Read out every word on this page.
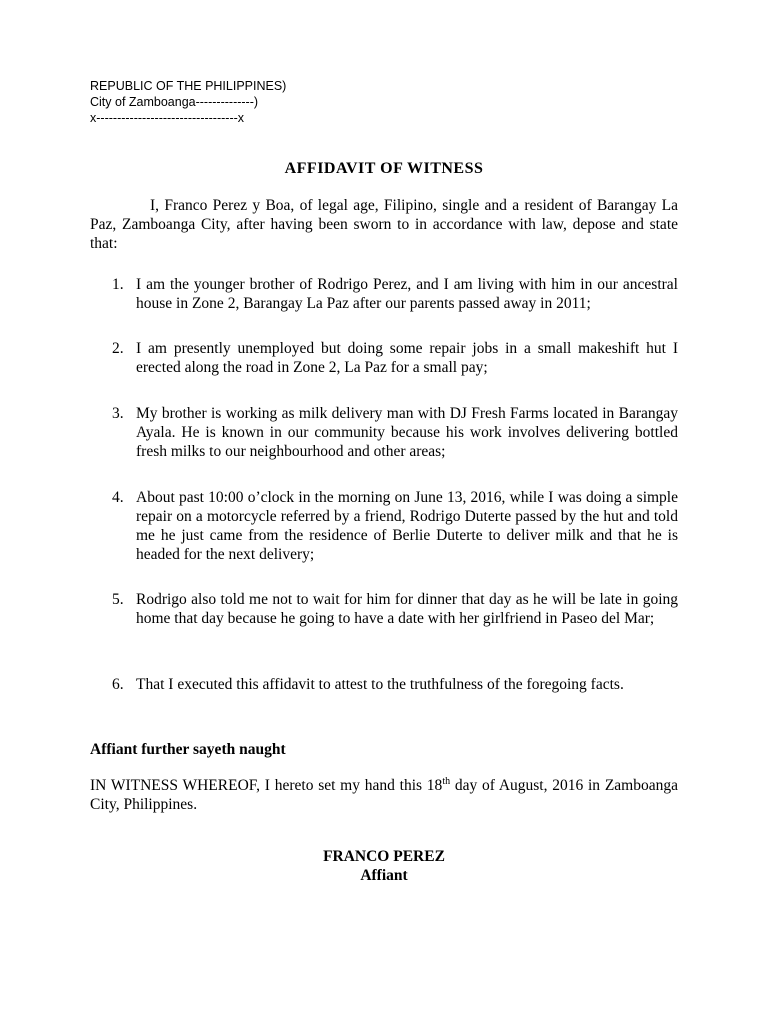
REPUBLIC OF THE PHILIPPINES)
City of Zamboanga--------------)
x----------------------------------x
AFFIDAVIT OF WITNESS
I, Franco Perez y Boa, of legal age, Filipino, single and a resident of Barangay La Paz, Zamboanga City, after having been sworn to in accordance with law, depose and state that:
1. I am the younger brother of Rodrigo Perez, and I am living with him in our ancestral house in Zone 2, Barangay La Paz after our parents passed away in 2011;
2. I am presently unemployed but doing some repair jobs in a small makeshift hut I erected along the road in Zone 2, La Paz for a small pay;
3. My brother is working as milk delivery man with DJ Fresh Farms located in Barangay Ayala. He is known in our community because his work involves delivering bottled fresh milks to our neighbourhood and other areas;
4. About past 10:00 o’clock in the morning on June 13, 2016, while I was doing a simple repair on a motorcycle referred by a friend, Rodrigo Duterte passed by the hut and told me he just came from the residence of Berlie Duterte to deliver milk and that he is headed for the next delivery;
5. Rodrigo also told me not to wait for him for dinner that day as he will be late in going home that day because he going to have a date with her girlfriend in Paseo del Mar;
6. That I executed this affidavit to attest to the truthfulness of the foregoing facts.
Affiant further sayeth naught
IN WITNESS WHEREOF, I hereto set my hand this 18th day of August, 2016 in Zamboanga City, Philippines.
FRANCO PEREZ
Affiant
